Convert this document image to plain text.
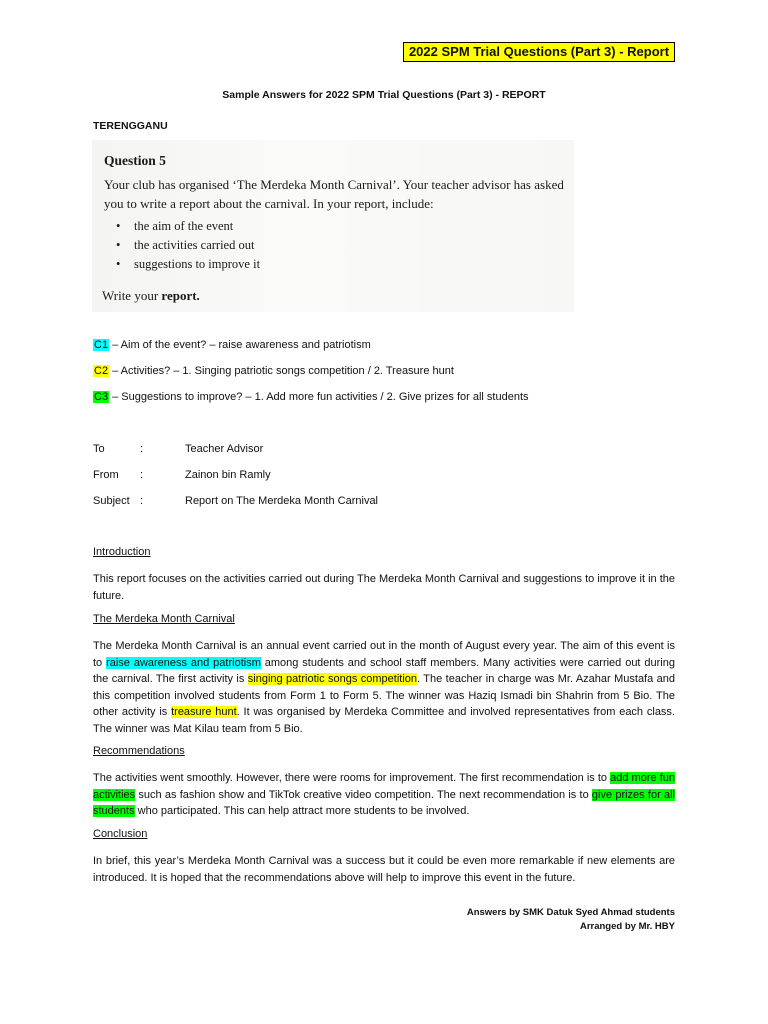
2022 SPM Trial Questions (Part 3) - Report
Sample Answers for 2022 SPM Trial Questions (Part 3) - REPORT
TERENGGANU
Question 5
Your club has organised ‘The Merdeka Month Carnival’. Your teacher advisor has asked you to write a report about the carnival. In your report, include:
• the aim of the event
• the activities carried out
• suggestions to improve it
Write your report.
C1 – Aim of the event? – raise awareness and patriotism
C2 – Activities? – 1. Singing patriotic songs competition / 2. Treasure hunt
C3 – Suggestions to improve? – 1. Add more fun activities / 2. Give prizes for all students
To	:	Teacher Advisor
From :	Zainon bin Ramly
Subject :	Report on The Merdeka Month Carnival
Introduction
This report focuses on the activities carried out during The Merdeka Month Carnival and suggestions to improve it in the future.
The Merdeka Month Carnival
The Merdeka Month Carnival is an annual event carried out in the month of August every year. The aim of this event is to raise awareness and patriotism among students and school staff members. Many activities were carried out during the carnival. The first activity is singing patriotic songs competition. The teacher in charge was Mr. Azahar Mustafa and this competition involved students from Form 1 to Form 5. The winner was Haziq Ismadi bin Shahrin from 5 Bio. The other activity is treasure hunt. It was organised by Merdeka Committee and involved representatives from each class. The winner was Mat Kilau team from 5 Bio.
Recommendations
The activities went smoothly. However, there were rooms for improvement. The first recommendation is to add more fun activities such as fashion show and TikTok creative video competition. The next recommendation is to give prizes for all students who participated. This can help attract more students to be involved.
Conclusion
In brief, this year’s Merdeka Month Carnival was a success but it could be even more remarkable if new elements are introduced. It is hoped that the recommendations above will help to improve this event in the future.
Answers by SMK Datuk Syed Ahmad students
Arranged by Mr. HBY
